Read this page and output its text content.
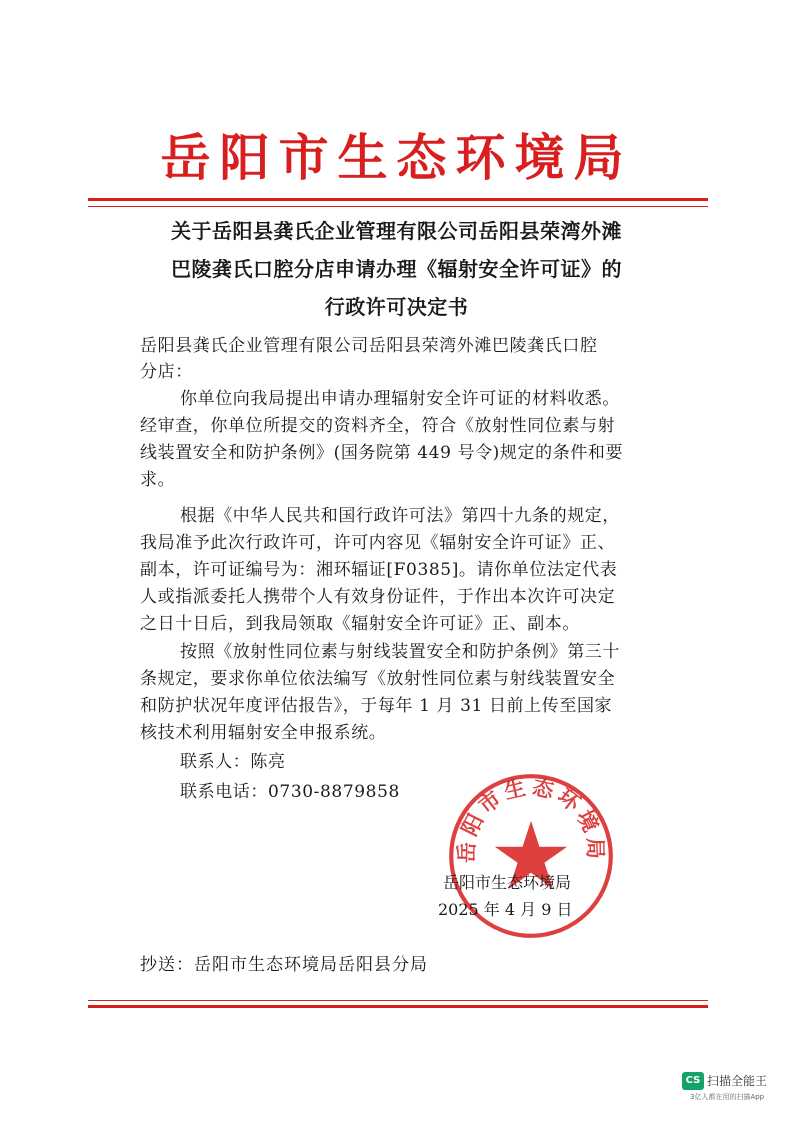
岳阳市生态环境局
关于岳阳县龚氏企业管理有限公司岳阳县荣湾外滩
巴陵龚氏口腔分店申请办理《辐射安全许可证》的
行政许可决定书
岳阳县龚氏企业管理有限公司岳阳县荣湾外滩巴陵龚氏口腔
分店：
你单位向我局提出申请办理辐射安全许可证的材料收悉。
经审查，你单位所提交的资料齐全，符合《放射性同位素与射
线装置安全和防护条例》(国务院第 449 号令)规定的条件和要
求。
根据《中华人民共和国行政许可法》第四十九条的规定，
我局准予此次行政许可，许可内容见《辐射安全许可证》正、
副本，许可证编号为：湘环辐证[F0385]。请你单位法定代表
人或指派委托人携带个人有效身份证件，于作出本次许可决定
之日十日后，到我局领取《辐射安全许可证》正、副本。
按照《放射性同位素与射线装置安全和防护条例》第三十
条规定，要求你单位依法编写《放射性同位素与射线装置安全
和防护状况年度评估报告》，于每年 1 月 31 日前上传至国家
核技术利用辐射安全申报系统。
联系人：陈亮
联系电话：0730-8879858
岳阳市生态环境局
岳阳市生态环境局
2025 年 4 月 9 日
抄送：岳阳市生态环境局岳阳县分局
CS 扫描全能王
3亿人都在用的扫描App
